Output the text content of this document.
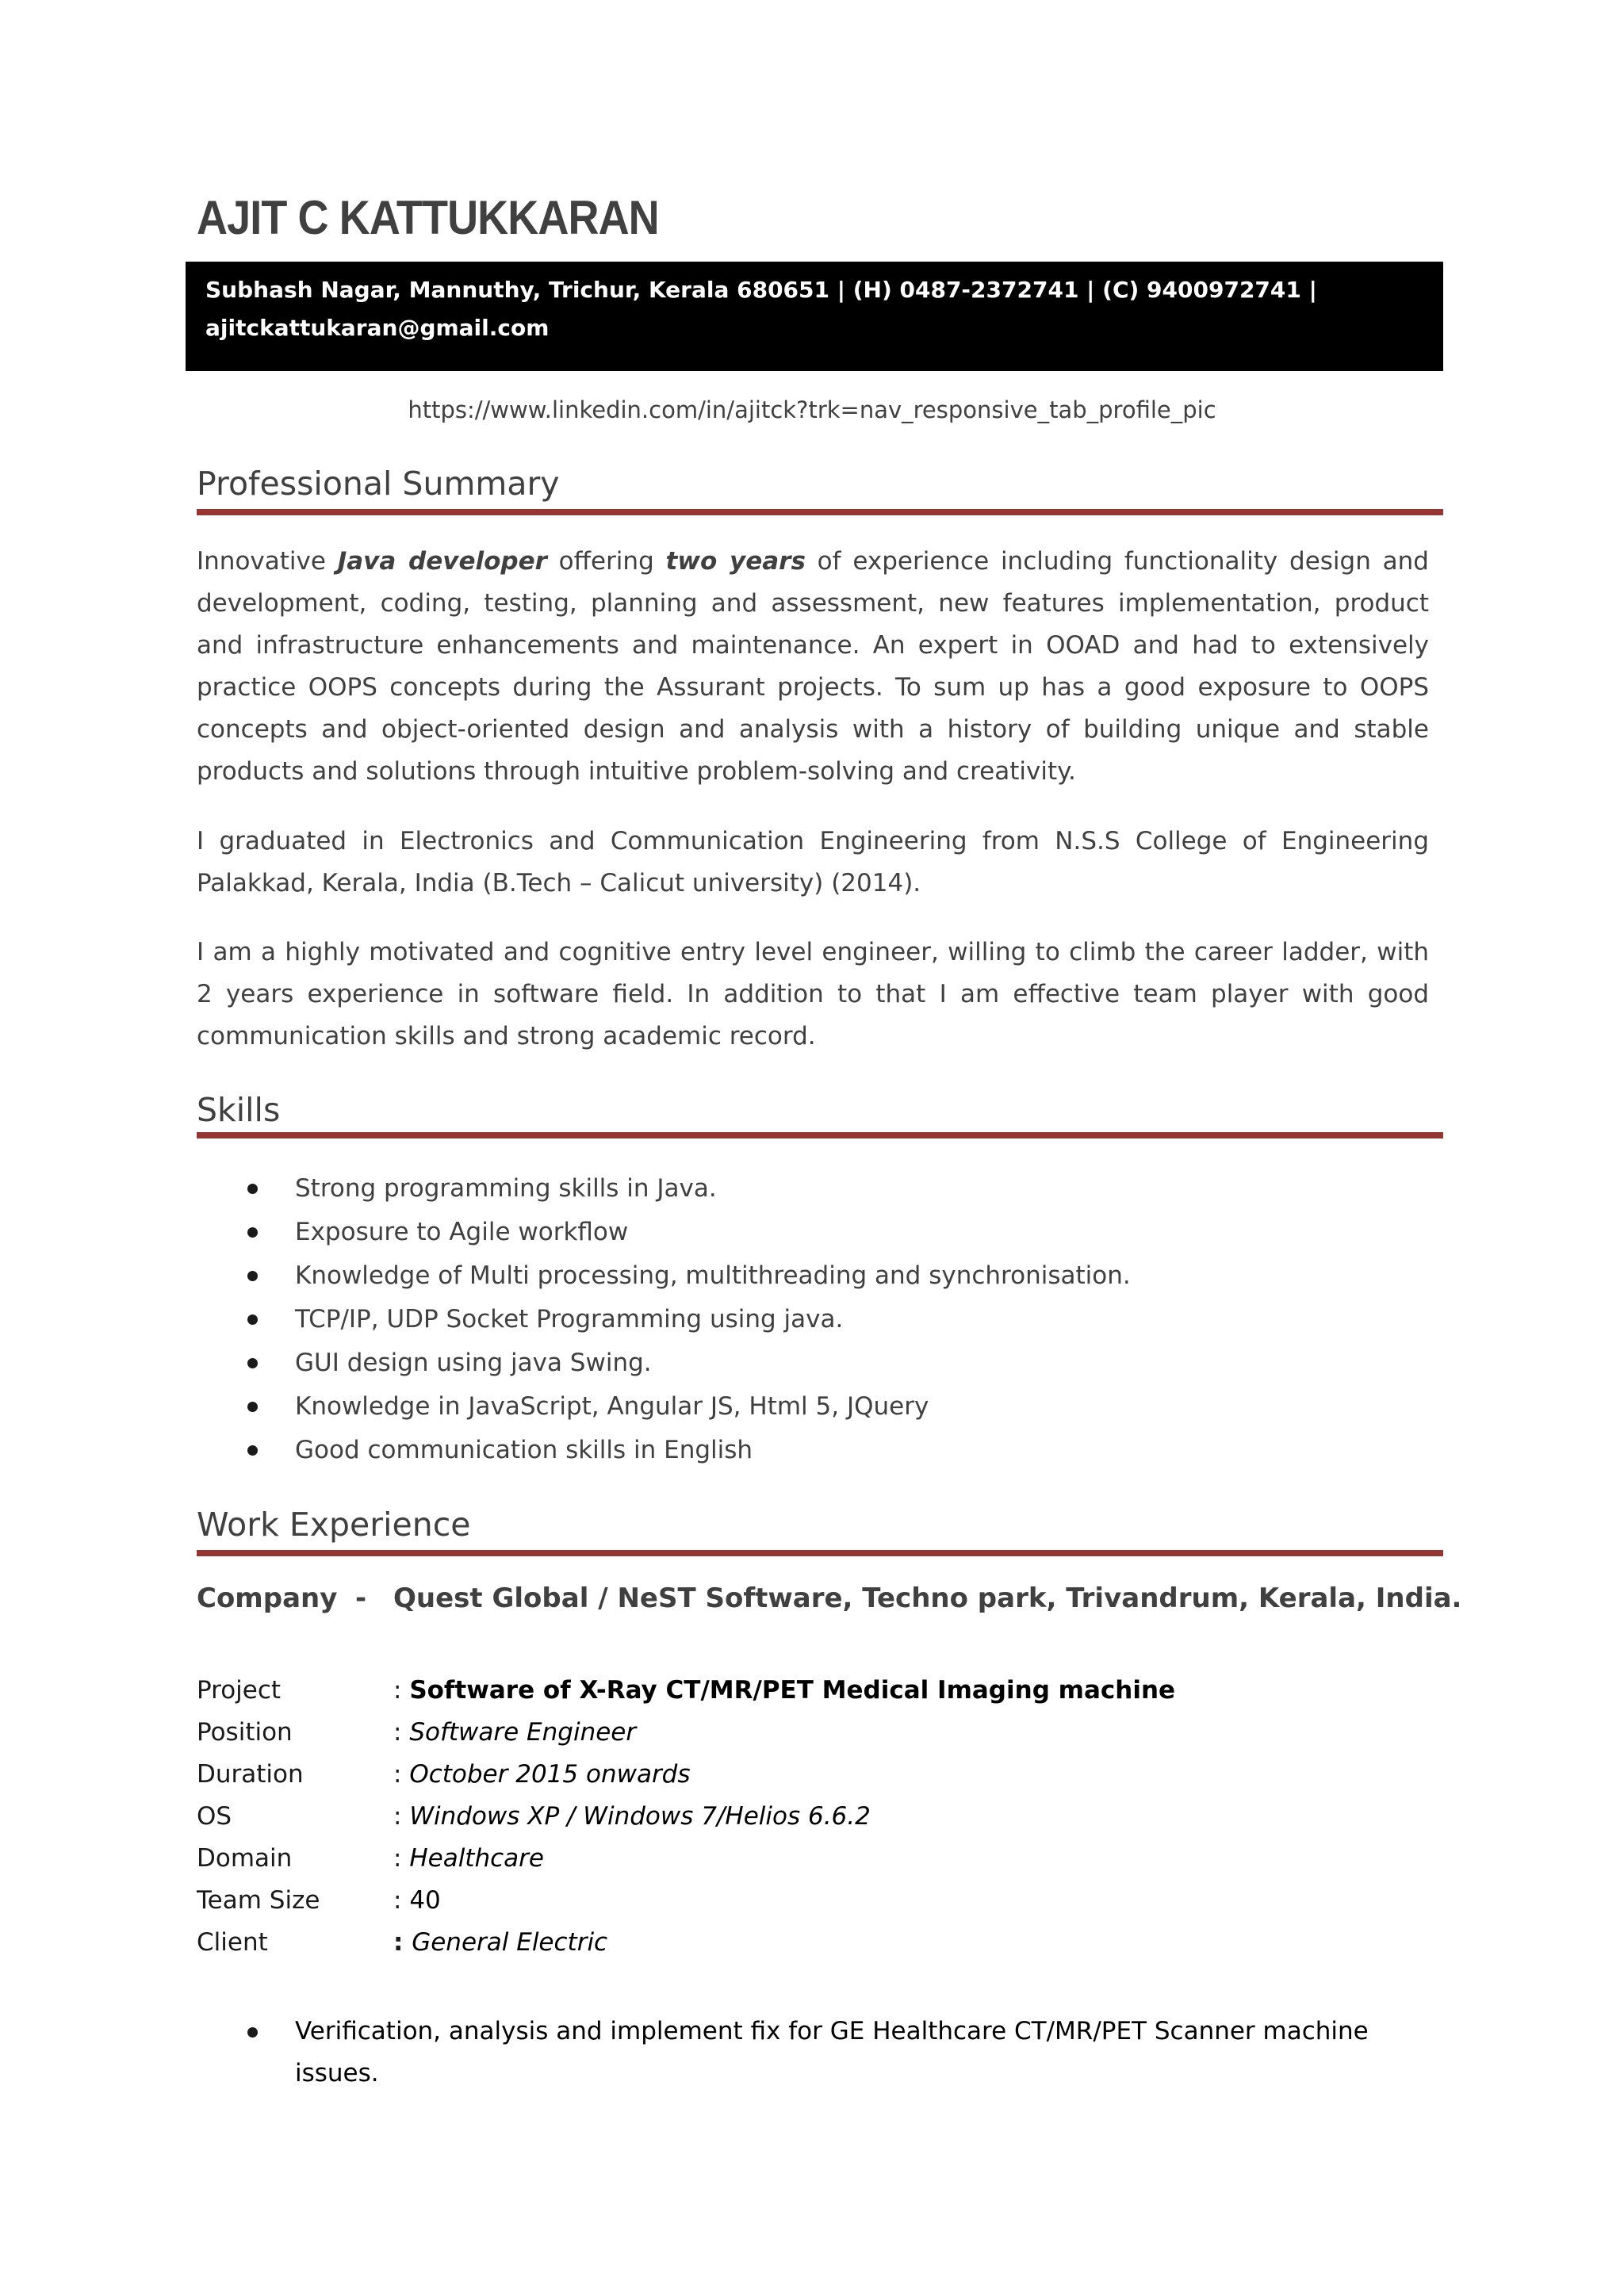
AJIT C KATTUKKARAN
Subhash Nagar, Mannuthy, Trichur, Kerala 680651 | (H) 0487-2372741 | (C) 9400972741 |
ajitckattukaran@gmail.com
https://www.linkedin.com/in/ajitck?trk=nav_responsive_tab_profile_pic
Professional Summary
Innovative Java developer offering two years of experience including functionality design and development, coding, testing, planning and assessment, new features implementation, product and infrastructure enhancements and maintenance. An expert in OOAD and had to extensively practice OOPS concepts during the Assurant projects. To sum up has a good exposure to OOPS concepts and object-oriented design and analysis with a history of building unique and stable products and solutions through intuitive problem-solving and creativity.
I graduated in Electronics and Communication Engineering from N.S.S College of Engineering Palakkad, Kerala, India (B.Tech – Calicut university) (2014).
I am a highly motivated and cognitive entry level engineer, willing to climb the career ladder, with 2 years experience in software field. In addition to that I am effective team player with good communication skills and strong academic record.
Skills
Strong programming skills in Java.
Exposure to Agile workflow
Knowledge of Multi processing, multithreading and synchronisation.
TCP/IP, UDP Socket Programming using java.
GUI design using java Swing.
Knowledge in JavaScript, Angular JS, Html 5, JQuery
Good communication skills in English
Work Experience
Company - Quest Global / NeST Software, Techno park, Trivandrum, Kerala, India.
Project	: Software of X-Ray CT/MR/PET Medical Imaging machine
Position	: Software Engineer
Duration	: October 2015 onwards
OS	: Windows XP / Windows 7/Helios 6.6.2
Domain	: Healthcare
Team Size	: 40
Client	: General Electric
Verification, analysis and implement fix for GE Healthcare CT/MR/PET Scanner machine issues.
